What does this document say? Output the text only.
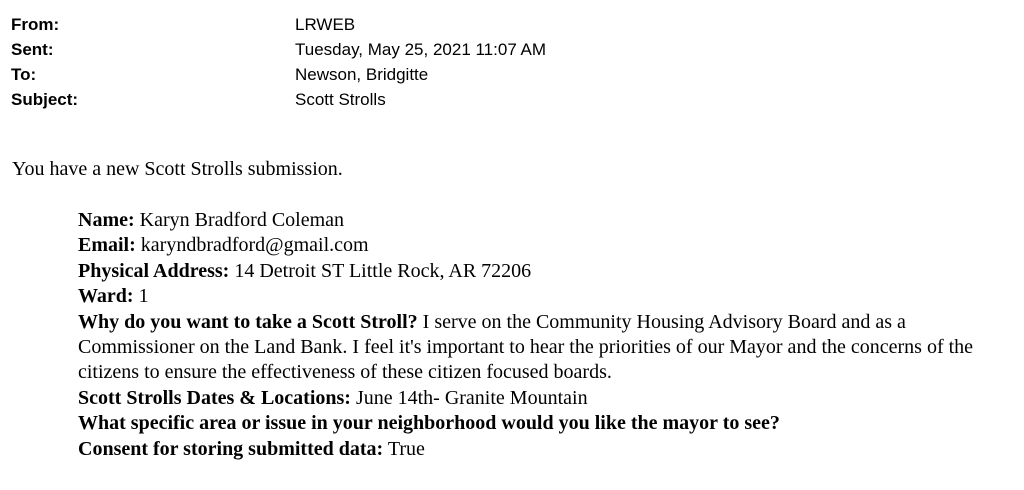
From:	LRWEB
Sent:	Tuesday, May 25, 2021 11:07 AM
To:	Newson, Bridgitte
Subject:	Scott Strolls
You have a new Scott Strolls submission.

Name: Karyn Bradford Coleman

Email: karyndbradford@gmail.com

Physical Address: 14 Detroit ST Little Rock, AR 72206

Ward: 1

Why do you want to take a Scott Stroll? I serve on the Community Housing Advisory Board and as a Commissioner on the Land Bank. I feel it's important to hear the priorities of our Mayor and the concerns of the citizens to ensure the effectiveness of these citizen focused boards.

Scott Strolls Dates & Locations: June 14th- Granite Mountain

What specific area or issue in your neighborhood would you like the mayor to see?

Consent for storing submitted data: True
